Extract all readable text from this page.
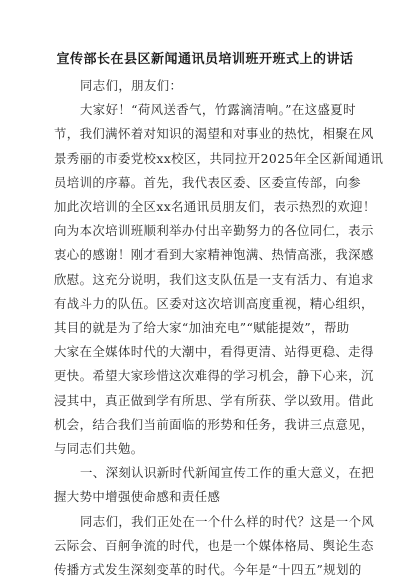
宣传部长在县区新闻通讯员培训班开班式上的讲话
同志们，朋友们：
大家好！“荷风送香气，竹露滴清响。”在这盛夏时
节，我们满怀着对知识的渴望和对事业的热忱，相聚在风
景秀丽的市委党校xx校区，共同拉开2025年全区新闻通讯
员培训的序幕。首先，我代表区委、区委宣传部，向参
加此次培训的全区xx名通讯员朋友们，表示热烈的欢迎！
向为本次培训班顺利举办付出辛勤努力的各位同仁，表示
衷心的感谢！刚才看到大家精神饱满、热情高涨，我深感
欣慰。这充分说明，我们这支队伍是一支有活力、有追求
有战斗力的队伍。区委对这次培训高度重视，精心组织，
其目的就是为了给大家“加油充电”“赋能提效”，帮助
大家在全媒体时代的大潮中，看得更清、站得更稳、走得
更快。希望大家珍惜这次难得的学习机会，静下心来，沉
浸其中，真正做到学有所思、学有所获、学以致用。借此
机会，结合我们当前面临的形势和任务，我讲三点意见，
与同志们共勉。
一、深刻认识新时代新闻宣传工作的重大意义，在把
握大势中增强使命感和责任感
同志们，我们正处在一个什么样的时代？这是一个风
云际会、百舸争流的时代，也是一个媒体格局、舆论生态
传播方式发生深刻变革的时代。今年是“十四五”规划的
